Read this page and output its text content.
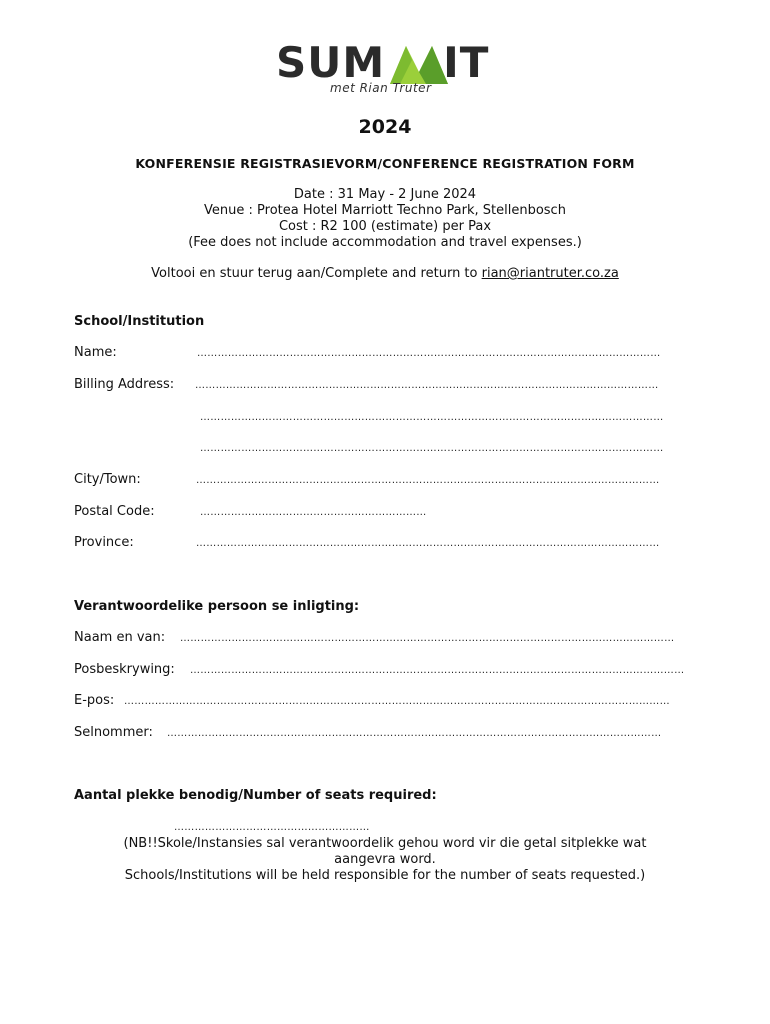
SUM IT
met Rian Truter
2024
KONFERENSIE REGISTRASIEVORM/CONFERENCE REGISTRATION FORM
Date : 31 May - 2 June 2024
Venue : Protea Hotel Marriott Techno Park, Stellenbosch
Cost : R2 100 (estimate) per Pax
(Fee does not include accommodation and travel expenses.)
Voltooi en stuur terug aan/Complete and return to rian@riantruter.co.za
School/Institution
Name:	………………………………………………………………………………………………………………………
Billing Address: ………………………………………………………………………………………………………………………
………………………………………………………………………………………………………………………
………………………………………………………………………………………………………………………
City/Town:	………………………………………………………………………………………………………………………
Postal Code:	…………………………………………………………
Province:	………………………………………………………………………………………………………………………
Verantwoordelike persoon se inligting:
Naam en van: ………………………………………………………………………………………………………………………………
Posbeskrywing: ………………………………………………………………………………………………………………………………
E-pos: ……………………………………………………………………………………………………………………………………………
Selnommer: ………………………………………………………………………………………………………………………………
Aantal plekke benodig/Number of seats required:
…………………………………………………
(NB!!Skole/Instansies sal verantwoordelik gehou word vir die getal sitplekke wat
aangevra word.
Schools/Institutions will be held responsible for the number of seats requested.)
